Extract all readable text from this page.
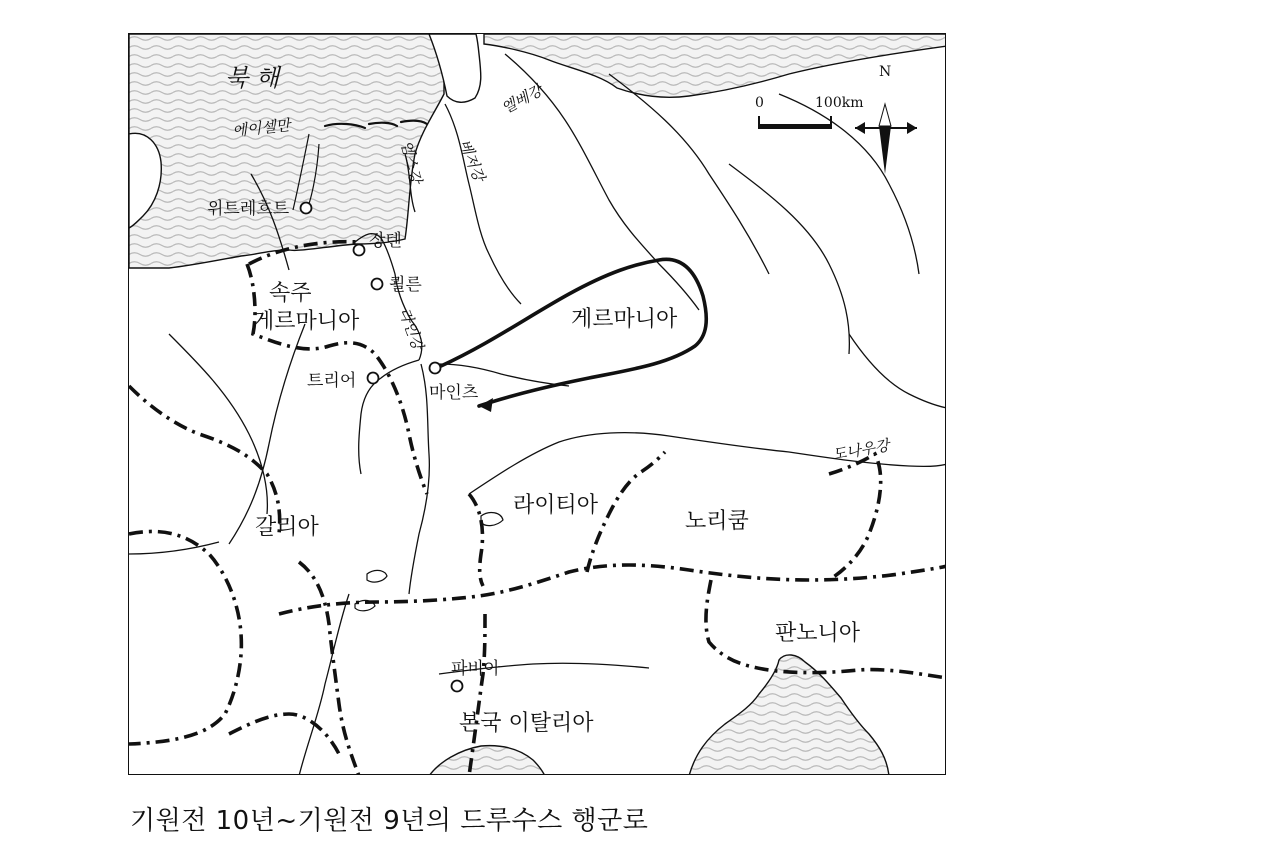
0	100km
N
북 해
에이셀만
엘베강
베저강
엠스강
라인강
도나우강
위트레흐트
장텐
쾰른
트리어
마인츠
파비아
속주
게르마니아	게르마니아
갈리아
라이티아
노리쿰
판노니아
본국 이탈리아
기원전 10년~기원전 9년의 드루수스 행군로
